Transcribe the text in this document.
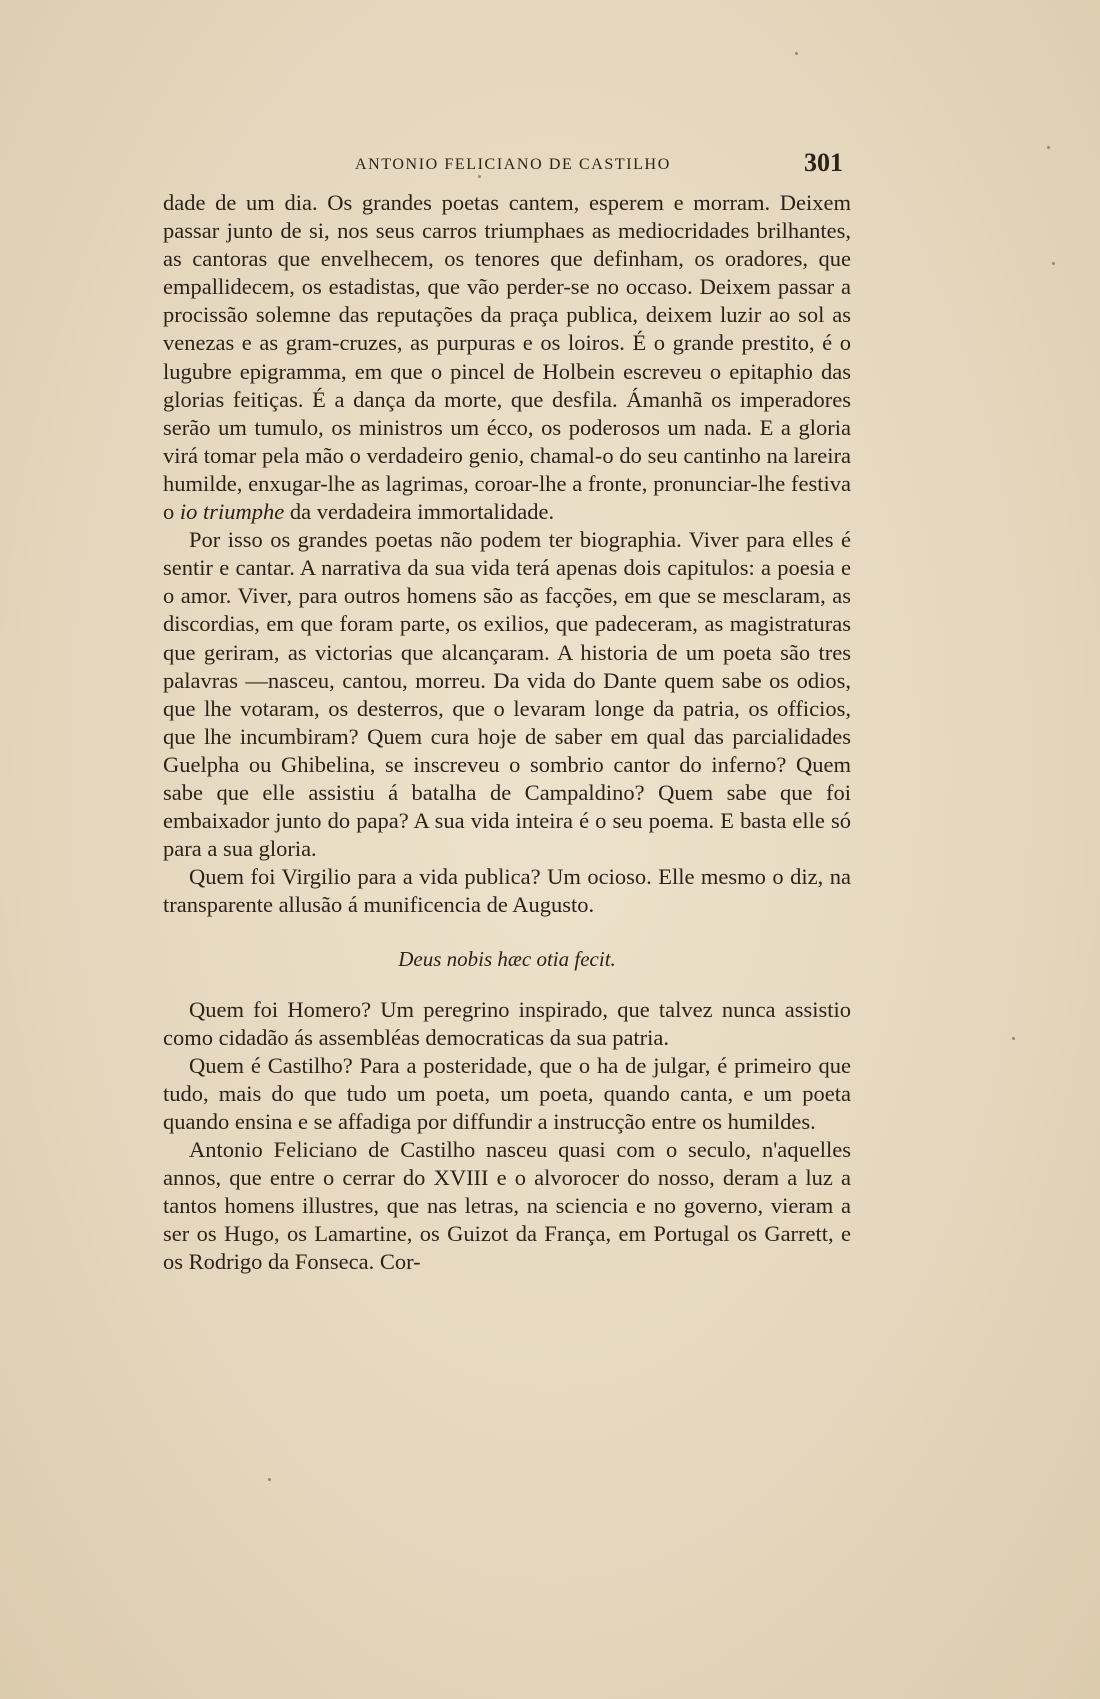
ANTONIO FELICIANO DE CASTILHO	301

dade de um dia. Os grandes poetas cantem, esperem e morram. Deixem passar junto de si, nos seus carros triumphaes as mediocridades brilhantes, as cantoras que envelhecem, os tenores que definham, os oradores, que empallidecem, os estadistas, que vão perder-se no occaso. Deixem passar a procissão solemne das reputações da praça publica, deixem luzir ao sol as venezas e as gram-cruzes, as purpuras e os loiros. É o grande prestito, é o lugubre epigramma, em que o pincel de Holbein escreveu o epitaphio das glorias feitiças. É a dança da morte, que desfila. Ámanhã os imperadores serão um tumulo, os ministros um écco, os poderosos um nada. E a gloria virá tomar pela mão o verdadeiro genio, chamal-o do seu cantinho na lareira humilde, enxugar-lhe as lagrimas, coroar-lhe a fronte, pronunciar-lhe festiva o io triumphe da verdadeira immortalidade.

Por isso os grandes poetas não podem ter biographia. Viver para elles é sentir e cantar. A narrativa da sua vida terá apenas dois capitulos: a poesia e o amor. Viver, para outros homens são as facções, em que se mesclaram, as discordias, em que foram parte, os exilios, que padeceram, as magistraturas que geriram, as victorias que alcançaram. A historia de um poeta são tres palavras —nasceu, cantou, morreu. Da vida do Dante quem sabe os odios, que lhe votaram, os desterros, que o levaram longe da patria, os officios, que lhe incumbiram? Quem cura hoje de saber em qual das parcialidades Guelpha ou Ghibelina, se inscreveu o sombrio cantor do inferno? Quem sabe que elle assistiu á batalha de Campaldino? Quem sabe que foi embaixador junto do papa? A sua vida inteira é o seu poema. E basta elle só para a sua gloria.

Quem foi Virgilio para a vida publica? Um ocioso. Elle mesmo o diz, na transparente allusão á munificencia de Augusto.

Deus nobis hæc otia fecit.

Quem foi Homero? Um peregrino inspirado, que talvez nunca assistio como cidadão ás assembléas democraticas da sua patria.

Quem é Castilho? Para a posteridade, que o ha de julgar, é primeiro que tudo, mais do que tudo um poeta, um poeta, quando canta, e um poeta quando ensina e se affadiga por diffundir a instrucção entre os humildes.

Antonio Feliciano de Castilho nasceu quasi com o seculo, n'aquelles annos, que entre o cerrar do XVIII e o alvorocer do nosso, deram a luz a tantos homens illustres, que nas letras, na sciencia e no governo, vieram a ser os Hugo, os Lamartine, os Guizot da França, em Portugal os Garrett, e os Rodrigo da Fonseca. Cor-
